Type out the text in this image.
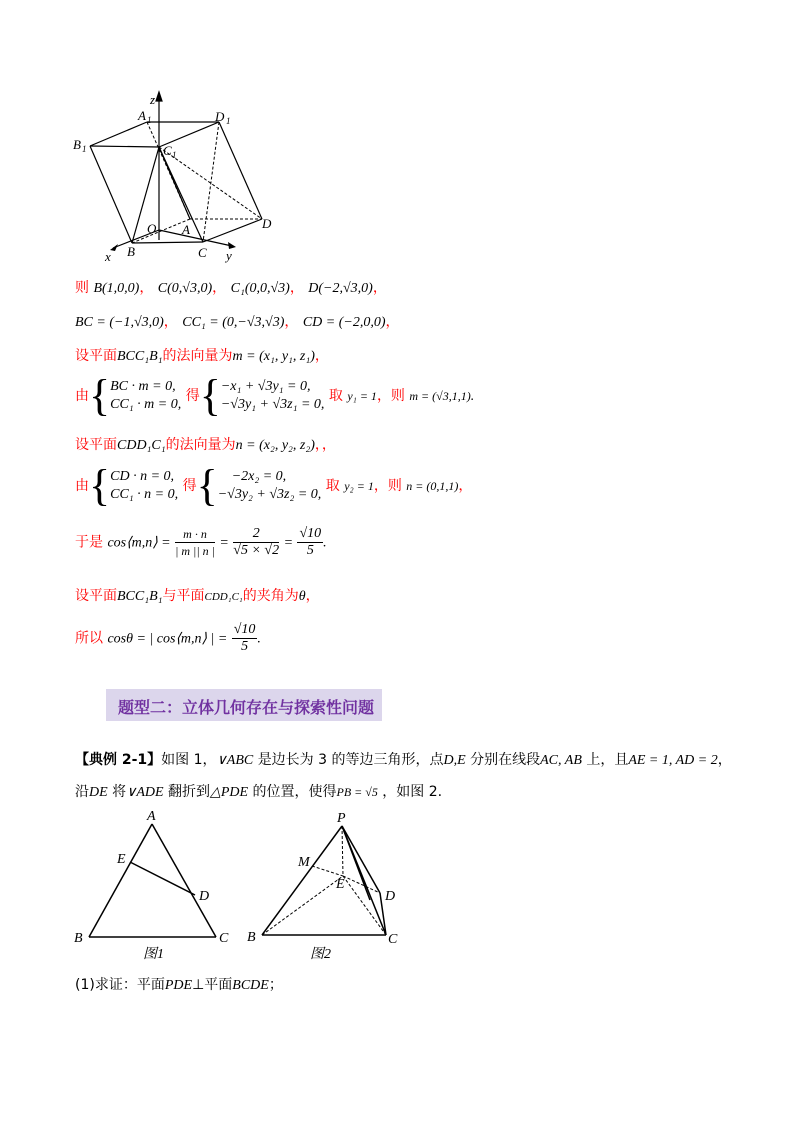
z
A 1	D 1
B 1	C 1
O A	D
B	C
x	y
则 B(1,0,0)， C(0,√3,0)， C₁(0,0,√3)， D(−2,√3,0)，
BC = (−1,√3,0)， CC₁ = (0,−√3,√3)， CD = (−2,0,0)，
设平面BCC₁B₁的法向量为m = (x₁, y₁, z₁)，
由{ BC · m = 0,
CC₁ · m = 0,
得{ −x₁ + √3y₁ = 0,
−√3y₁ + √3z₁ = 0,
取 y₁ = 1，则 m = (√3,1,1).
设平面CDD₁C₁的法向量为n = (x₂, y₂, z₂)，，
由{ CD · n = 0,
CC₁ · n = 0,
得{	−2x₂ = 0,
−√3y₂ + √3z₂ = 0,
取 y₂ = 1，则 n = (0,1,1)，
于是 cos⟨m,n⟩ = $\frac{m \cdot n}{| m || n |} = \frac{2}{√5 \times √2} = \frac{√10}{5}$ .
设平面BCC₁B₁与平面CDD₁C₁的夹角为θ，
所以 cosθ = | cos⟨m,n⟩ | = $\frac{√10}{5}$ .
题型二：立体几何存在与探索性问题
【典例 2-1】如图 1，∨ABC 是边长为 3 的等边三角形，点D,E 分别在线段AC, AB 上，且AE = 1, AD = 2，
沿DE 将∨ADE 翻折到△PDE 的位置，使得PB = √5 ，如图 2.
A
E
D
B	C
图1
P
M
E
D
B	C
图2
(1)求证：平面PDE⊥平面BCDE；
